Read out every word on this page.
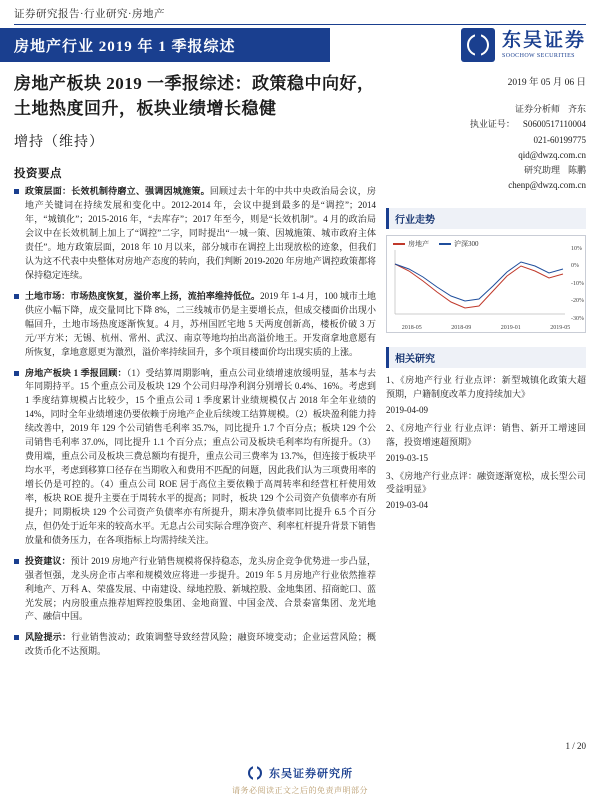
证券研究报告·行业研究·房地产
房地产行业 2019 年 1 季报综述	东吴证券
SOOCHOW SECURITIES
房地产板块 2019 一季报综述：政策稳中向好，土地热度回升，板块业绩增长稳健
增持（维持）
投资要点
政策层面：长效机制待磨立、强调因城施策。回顾过去十年的中共中央政治局会议，房地产关键词在持续发展和变化中。2012-2014 年，会议中提到最多的是“调控”；2014 年，“城镇化”；2015-2016 年，“去库存”；2017 年至今，则是“长效机制”。4 月的政治局会议中在长效机制上加上了“调控”二字，同时提出“一城一策、因城施策、城市政府主体责任”。地方政策层面，2018 年 10 月以来，部分城市在调控上出现放松的迹象，但我们认为这不代表中央整体对房地产态度的转向，我们判断 2019-2020 年房地产调控政策都将保持稳定连续。
土地市场：市场热度恢复，溢价率上扬，流拍率维持低位。2019 年 1-4 月，100 城市土地供应小幅下降，成交量同比下降 8%，二三线城市仍是主要增长点，但成交楼面价出现小幅回升，土地市场热度逐渐恢复。4 月，苏州国匠宅地 5 天两度创新高，楼板价破 3 万元/平方米；无锡、杭州、常州、武汉、南京等地均拍出高溢价地王。开发商拿地意愿有所恢复，拿地意愿更为激烈，溢价率持续回升，多个项目楼面价均出现实质的上涨。
房地产板块 1 季报回顾：（1）受结算周期影响，重点公司业绩增速放缓明显，基本与去年同期持平。15 个重点公司及板块 129 个公司归母净利润分别增长 0.4%、16%。考虑到 1 季度结算规模占比较少，15 个重点公司 1 季度累计业绩规模仅占 2018 年全年业绩的 14%，同时全年业绩增速仍要依赖于房地产企业后续竣工结算规模。（2）板块盈利能力持续改善中，2019 年 129 个公司销售毛利率 35.7%，同比提升 1.7 个百分点；板块 129 个公司销售毛利率 37.0%，同比提升 1.1 个百分点；重点公司及板块毛利率均有所提升。（3）费用端，重点公司及板块三费总额均有提升，重点公司三费率为 13.7%，但连接于板块平均水平，考虑到移算口径存在当期收入和费用不匹配的问题，因此我们认为三项费用率的增长仍是可控的。（4）重点公司 ROE 居于高位主要依赖于高周转率和经营杠杆使用效率，板块 ROE 提升主要在于周转水平的提高；同时，板块 129 个公司资产负债率亦有所提升；同期板块 129 个公司资产负债率亦有所提升，期末净负债率同比提升 6.5 个百分点，但仍处于近年来的较高水平。无息占公司实际合理净资产、利率杠杆提升背景下销售放量和债务压力，在各项指标上均需持续关注。
投资建议：预计 2019 房地产行业销售规模将保持稳态，龙头房企竞争优势进一步凸显，强者恒强，龙头房企市占率和规模效应将进一步提升。2019 年 5 月房地产行业依然推荐利地产、万科 A、荣盛发展、中南建设、绿地控股、新城控股、金地集团、招商蛇口、蓝光发展；内房股重点推荐旭辉控股集团、金地商置、中国金茂、合景泰富集团、龙光地产、融信中国。
风险提示：行业销售波动；政策调整导致经营风险；融资环境变动；企业运营风险；概改货币化不达预期。
2019 年 05 月 06 日
证券分析师 齐东
执业证号： S0600517110004
021-60199775
qid@dwzq.com.cn
研究助理 陈鹏
chenp@dwzq.com.cn
行业走势
房地产	沪深300
10%
0%
-10%
-20%
-30%
2018-05	2018-09	2019-01	2019-05
相关研究
1、《房地产行业 行业点评：新型城镇化政策大超预期，户籍制度改革力度持续加大》
2019-04-09
2、《房地产行业 行业点评：销售、新开工增速回落，投资增速超预期》
2019-03-15
3、《房地产行业点评：融资逐渐宽松，成长型公司受益明显》
2019-03-04
1 / 20
东吴证券研究所
请务必阅读正文之后的免责声明部分
